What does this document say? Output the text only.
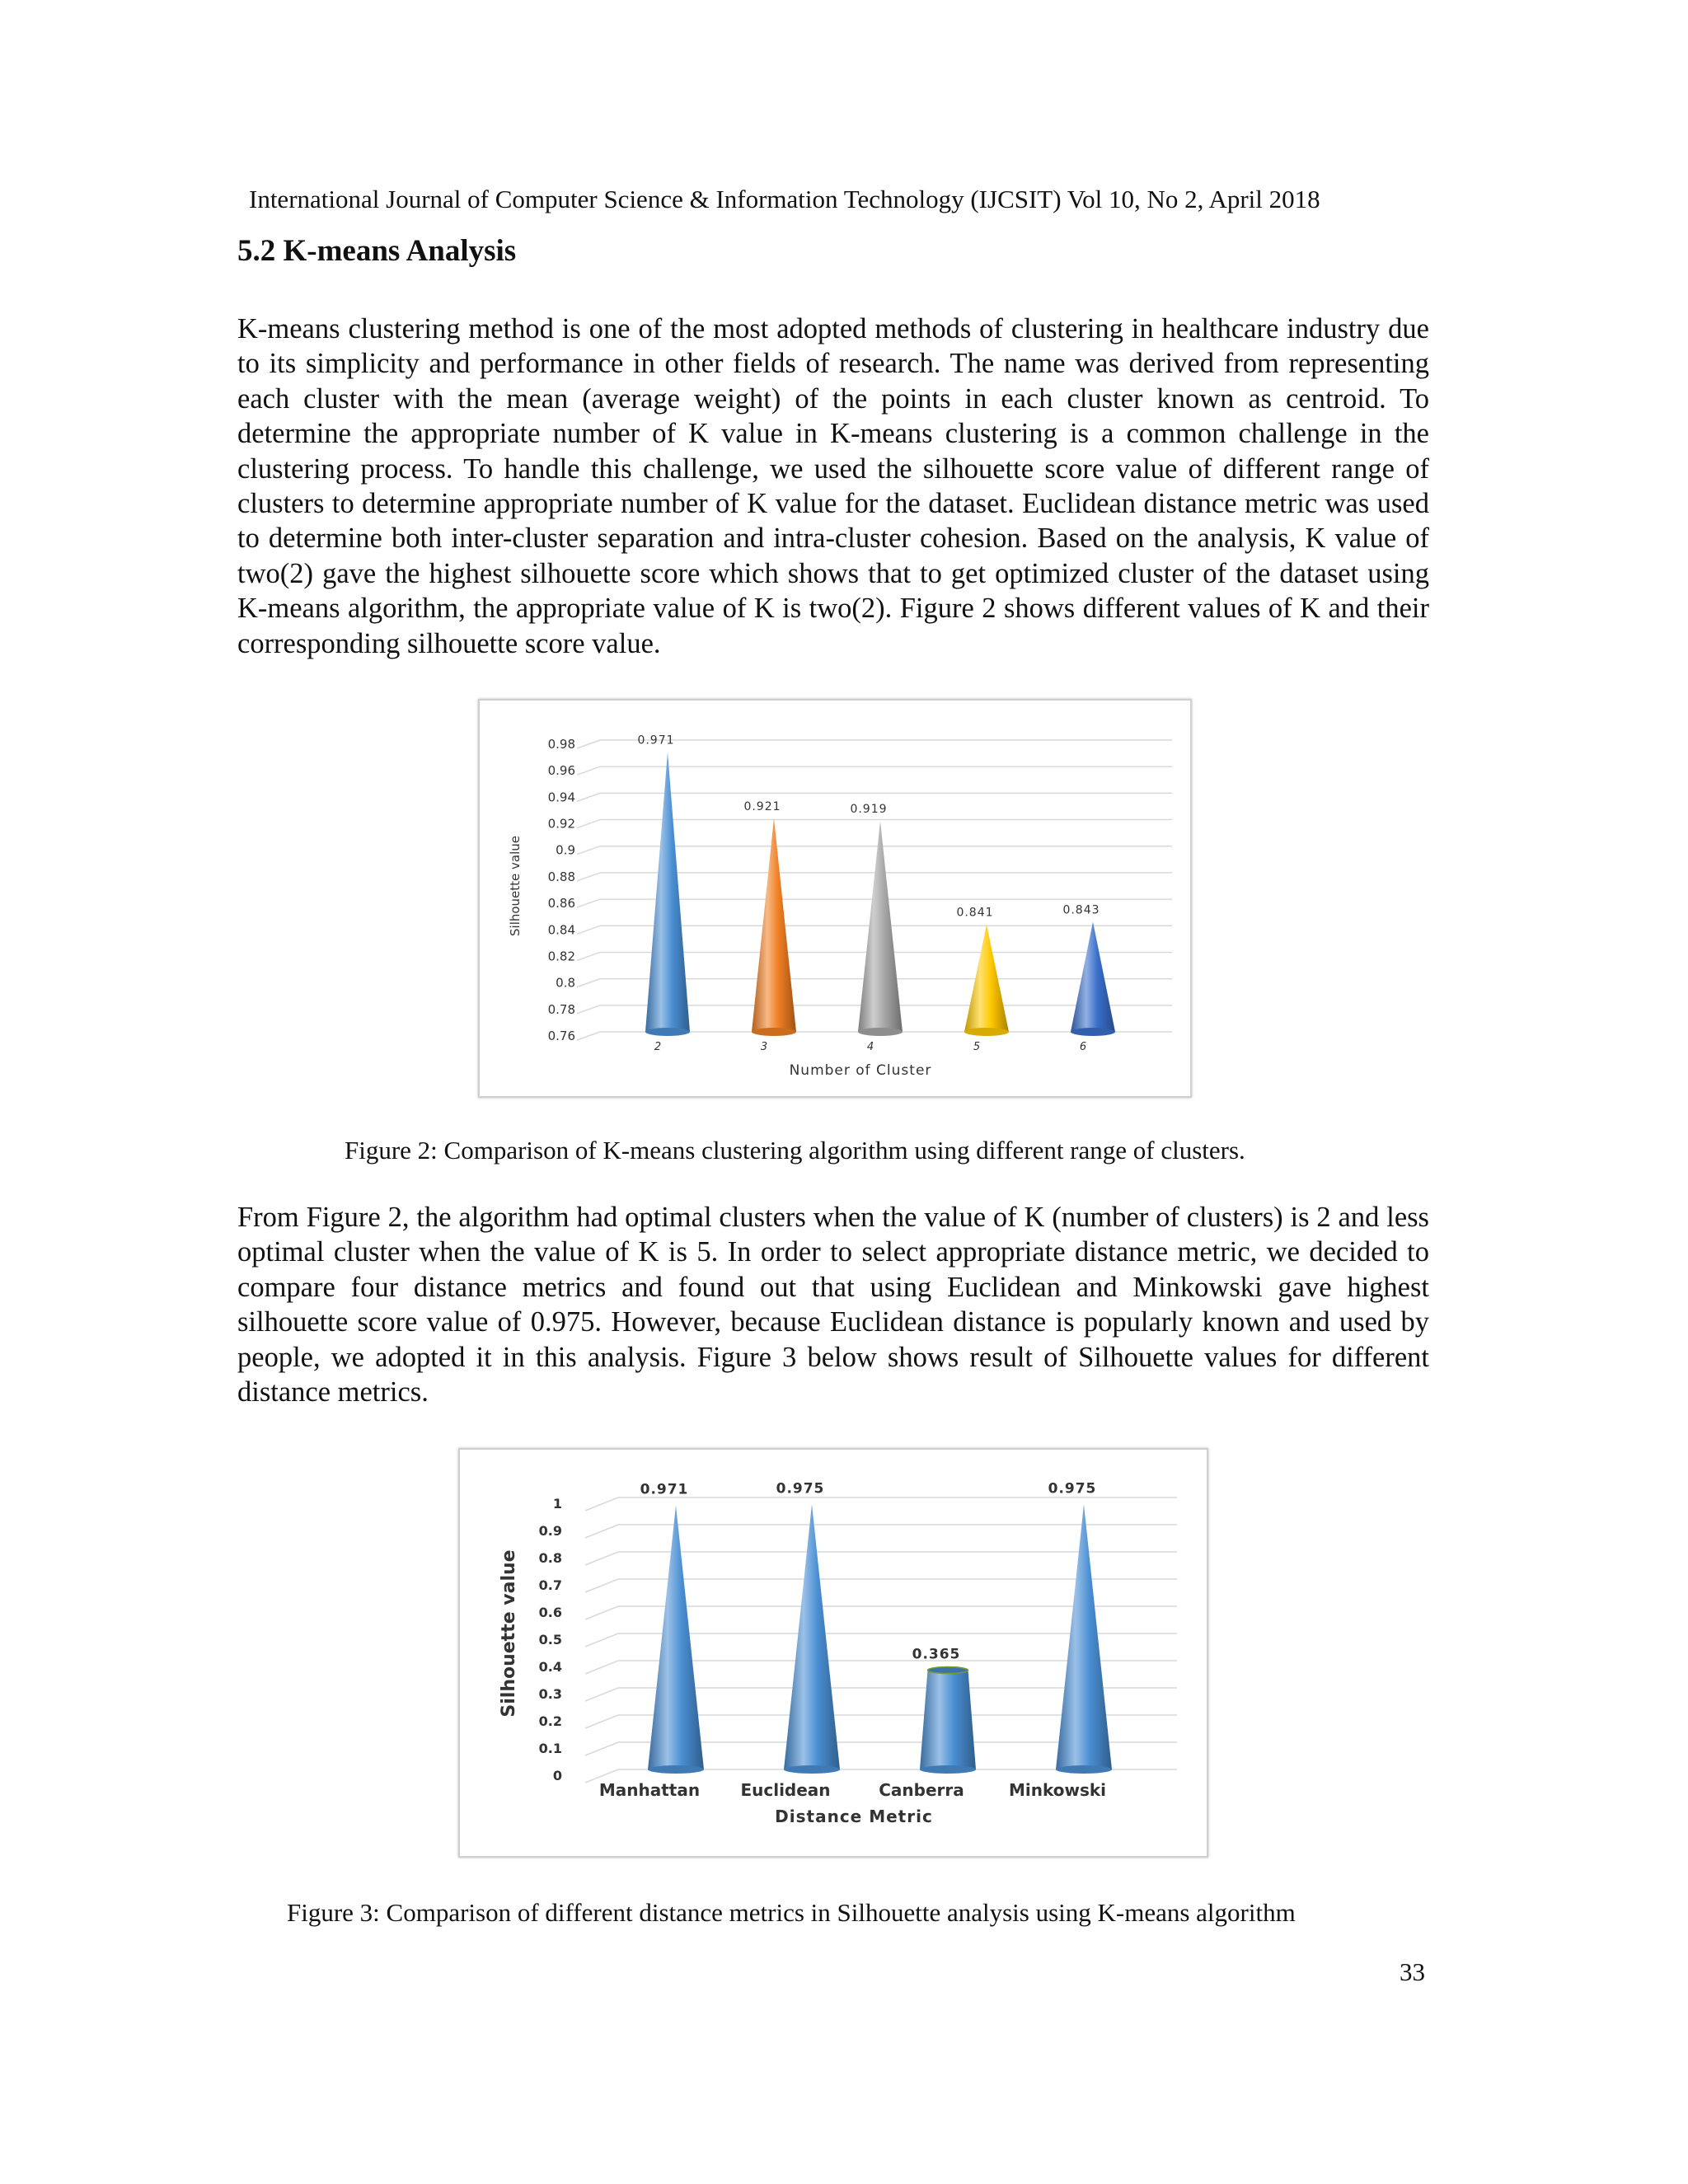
International Journal of Computer Science & Information Technology (IJCSIT) Vol 10, No 2, April 2018
5.2 K-means Analysis

K-means clustering method is one of the most adopted methods of clustering in healthcare industry due to its simplicity and performance in other fields of research. The name was derived from representing each cluster with the mean (average weight) of the points in each cluster known as centroid. To determine the appropriate number of K value in K-means clustering is a common challenge in the clustering process. To handle this challenge, we used the silhouette score value of different range of clusters to determine appropriate number of K value for the dataset. Euclidean distance metric was used to determine both inter-cluster separation and intra-cluster cohesion. Based on the analysis, K value of two(2) gave the highest silhouette score which shows that to get optimized cluster of the dataset using K-means algorithm, the appropriate value of K is two(2). Figure 2 shows different values of K and their corresponding silhouette score value.

0.98
0.96
0.94
0.92
0.9
0.88
0.86
0.84
0.82
0.8
0.78
0.76
Silhouette value
0.971
2
0.921
3
0.919
4
0.841
5
0.843
6
Number of Cluster
Figure 2: Comparison of K-means clustering algorithm using different range of clusters.

From Figure 2, the algorithm had optimal clusters when the value of K (number of clusters) is 2 and less optimal cluster when the value of K is 5. In order to select appropriate distance metric, we decided to compare four distance metrics and found out that using Euclidean and Minkowski gave highest silhouette score value of 0.975. However, because Euclidean distance is popularly known and used by people, we adopted it in this analysis. Figure 3 below shows result of Silhouette values for different distance metrics.

1
0.9
0.8
0.7
0.6
0.5
0.4
0.3
0.2
0.1
0
Silhouette value
0.971
Manhattan
0.975
Euclidean
0.365
Canberra
0.975
Minkowski
Distance Metric
Figure 3: Comparison of different distance metrics in Silhouette analysis using K-means algorithm
33
